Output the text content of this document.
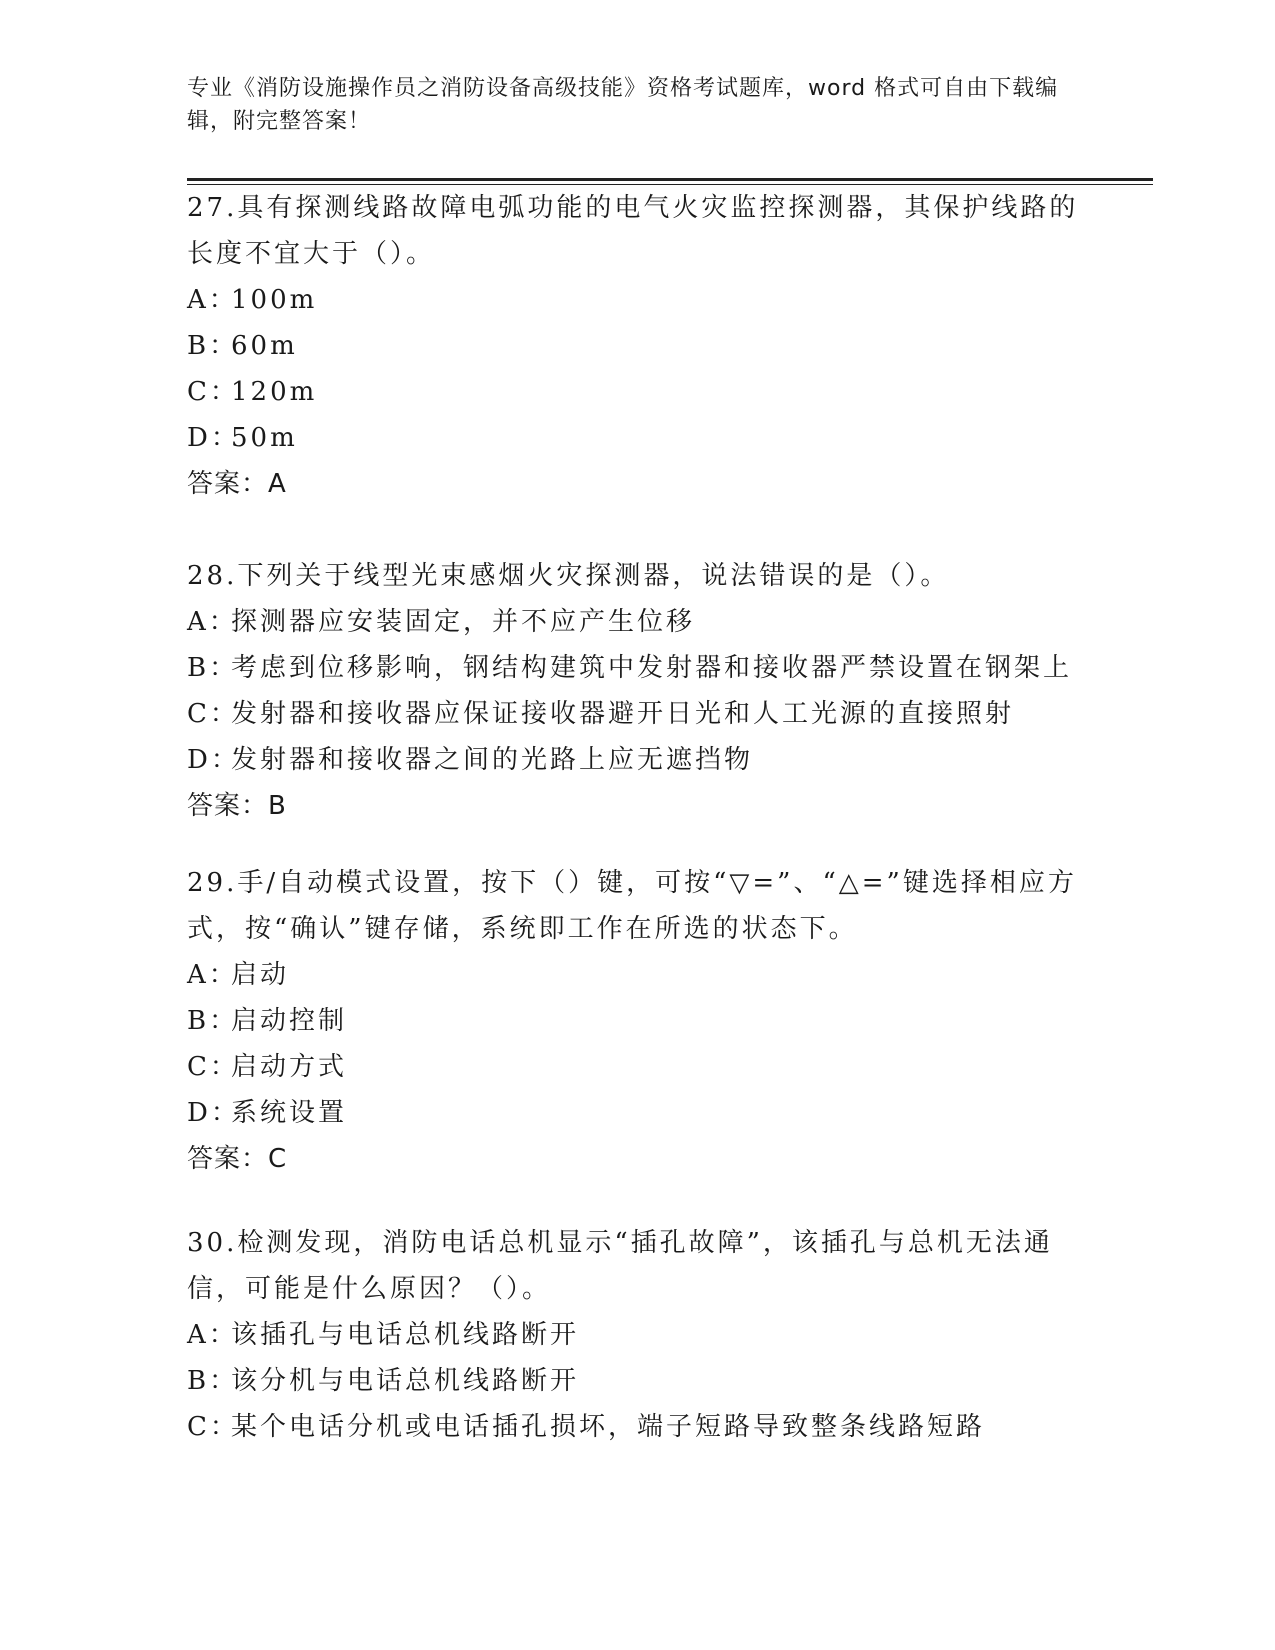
专业《消防设施操作员之消防设备高级技能》资格考试题库，word 格式可自由下载编辑，附完整答案！

27.具有探测线路故障电弧功能的电气火灾监控探测器，其保护线路的长度不宜大于（）。

A：100m

B：60m

C：120m

D：50m

答案：A

28.下列关于线型光束感烟火灾探测器，说法错误的是（）。

A：探测器应安装固定，并不应产生位移

B：考虑到位移影响，钢结构建筑中发射器和接收器严禁设置在钢架上

C：发射器和接收器应保证接收器避开日光和人工光源的直接照射

D：发射器和接收器之间的光路上应无遮挡物

答案：B

29.手/自动模式设置，按下（）键，可按“▽=”、“△=”键选择相应方式，按“确认”键存储，系统即工作在所选的状态下。

A：启动

B：启动控制

C：启动方式

D：系统设置

答案：C

30.检测发现，消防电话总机显示“插孔故障”，该插孔与总机无法通信，可能是什么原因？（）。

A：该插孔与电话总机线路断开

B：该分机与电话总机线路断开

C：某个电话分机或电话插孔损坏，端子短路导致整条线路短路
